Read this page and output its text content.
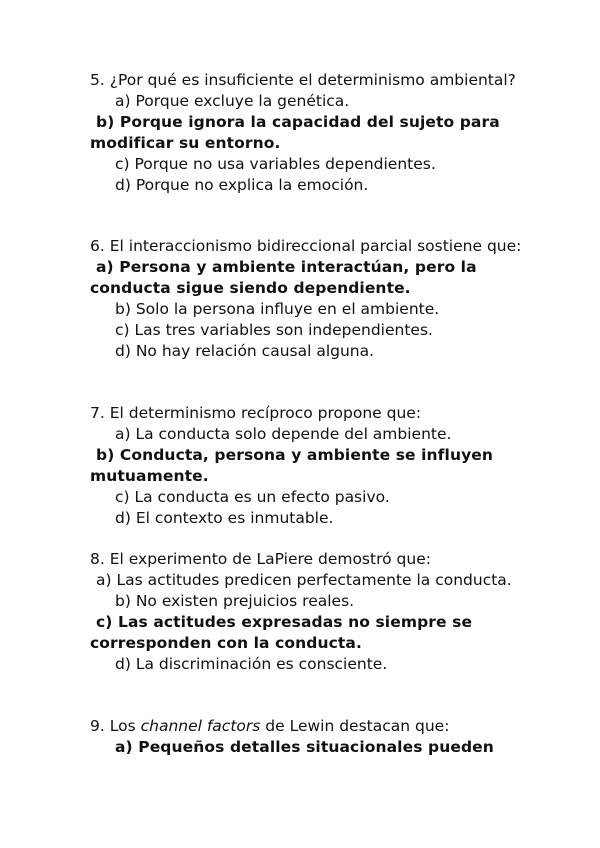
5. ¿Por qué es insuficiente el determinismo ambiental?
a) Porque excluye la genética.
b) Porque ignora la capacidad del sujeto para modificar su entorno.
c) Porque no usa variables dependientes.
d) Porque no explica la emoción.
6. El interaccionismo bidireccional parcial sostiene que:
a) Persona y ambiente interactúan, pero la conducta sigue siendo dependiente.
b) Solo la persona influye en el ambiente.
c) Las tres variables son independientes.
d) No hay relación causal alguna.
7. El determinismo recíproco propone que:
a) La conducta solo depende del ambiente.
b) Conducta, persona y ambiente se influyen mutuamente.
c) La conducta es un efecto pasivo.
d) El contexto es inmutable.
8. El experimento de LaPiere demostró que:
a) Las actitudes predicen perfectamente la conducta.
b) No existen prejuicios reales.
c) Las actitudes expresadas no siempre se corresponden con la conducta.
d) La discriminación es consciente.
9. Los channel factors de Lewin destacan que:
a) Pequeños detalles situacionales pueden
